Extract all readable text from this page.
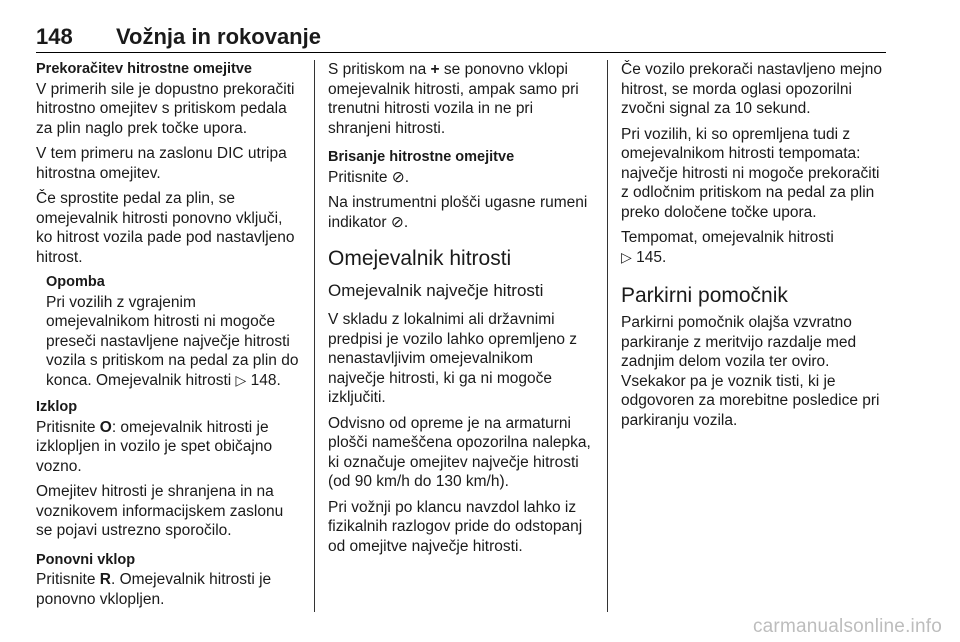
148 Vožnja in rokovanje

Prekoračitev hitrostne omejitve

V primerih sile je dopustno prekoračiti hitrostno omejitev s pritiskom pedala za plin naglo prek točke upora.

V tem primeru na zaslonu DIC utripa hitrostna omejitev.

Če sprostite pedal za plin, se omejevalnik hitrosti ponovno vključi, ko hitrost vozila pade pod nastavljeno hitrost.

Opomba

Pri vozilih z vgrajenim omejevalnikom hitrosti ni mogoče preseči nastavljene največje hitrosti vozila s pritiskom na pedal za plin do konca. Omejevalnik hitrosti ▷ 148.

Izklop

Pritisnite O: omejevalnik hitrosti je izklopljen in vozilo je spet običajno vozno.

Omejitev hitrosti je shranjena in na voznikovem informacijskem zaslonu se pojavi ustrezno sporočilo.

Ponovni vklop

Pritisnite R. Omejevalnik hitrosti je ponovno vklopljen.

S pritiskom na + se ponovno vklopi omejevalnik hitrosti, ampak samo pri trenutni hitrosti vozila in ne pri shranjeni hitrosti.

Brisanje hitrostne omejitve

Pritisnite ⊘.

Na instrumentni plošči ugasne rumeni indikator ⊘.

Omejevalnik hitrosti

Omejevalnik največje hitrosti

V skladu z lokalnimi ali državnimi predpisi je vozilo lahko opremljeno z nenastavljivim omejevalnikom največje hitrosti, ki ga ni mogoče izključiti.

Odvisno od opreme je na armaturni plošči nameščena opozorilna nalepka, ki označuje omejitev največje hitrosti (od 90 km/h do 130 km/h).

Pri vožnji po klancu navzdol lahko iz fizikalnih razlogov pride do odstopanj od omejitve največje hitrosti.

Če vozilo prekorači nastavljeno mejno hitrost, se morda oglasi opozorilni zvočni signal za 10 sekund.

Pri vozilih, ki so opremljena tudi z omejevalnikom hitrosti tempomata: največje hitrosti ni mogoče prekoračiti z odločnim pritiskom na pedal za plin preko določene točke upora.

Tempomat, omejevalnik hitrosti
▷ 145.

Parkirni pomočnik

Parkirni pomočnik olajša vzvratno parkiranje z meritvijo razdalje med zadnjim delom vozila ter oviro. Vsekakor pa je voznik tisti, ki je odgovoren za morebitne posledice pri parkiranju vozila.

carmanualsonline.info
